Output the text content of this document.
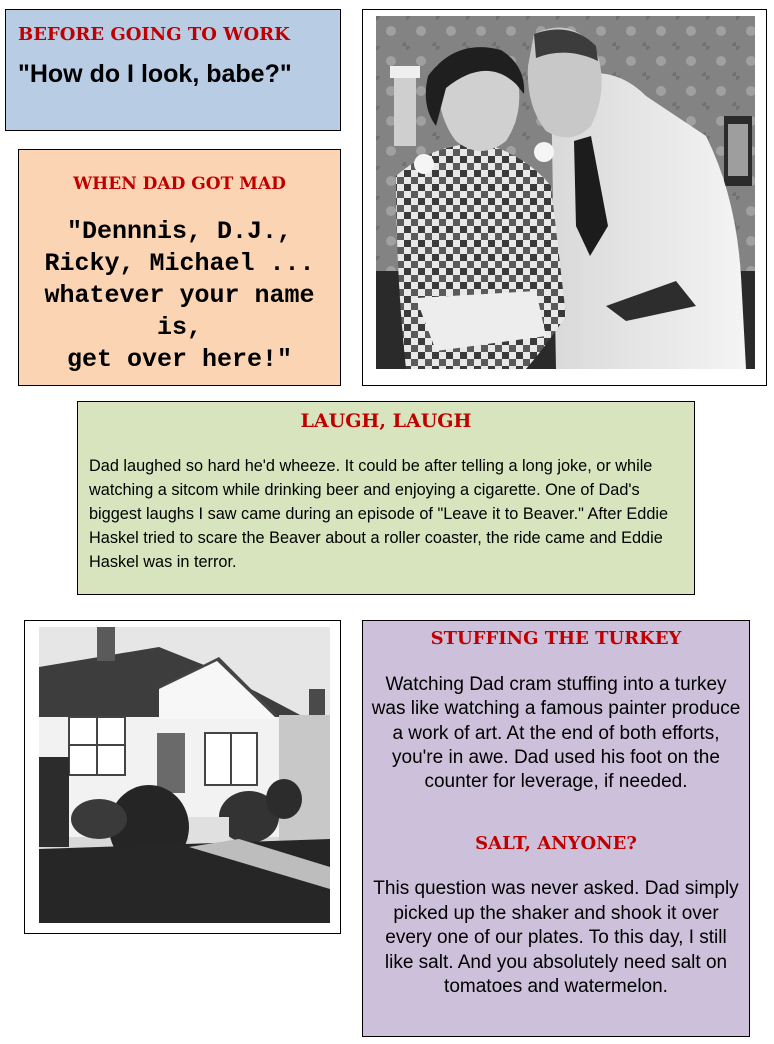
BEFORE GOING TO WORK
"How do I look, babe?"
WHEN DAD GOT MAD
"Dennnis, D.J.,
Ricky, Michael ...
whatever your name
is,
get over here!"
LAUGH, LAUGH
Dad laughed so hard he'd wheeze. It could be after telling a long joke, or while watching a sitcom while drinking beer and enjoying a cigarette. One of Dad's biggest laughs I saw came during an episode of "Leave it to Beaver." After Eddie Haskel tried to scare the Beaver about a roller coaster, the ride came and Eddie Haskel was in terror.
STUFFING THE TURKEY
Watching Dad cram stuffing into a turkey was like watching a famous painter produce a work of art. At the end of both efforts, you're in awe. Dad used his foot on the counter for leverage, if needed.
SALT, ANYONE?
This question was never asked. Dad simply picked up the shaker and shook it over every one of our plates. To this day, I still like salt. And you absolutely need salt on tomatoes and watermelon.
